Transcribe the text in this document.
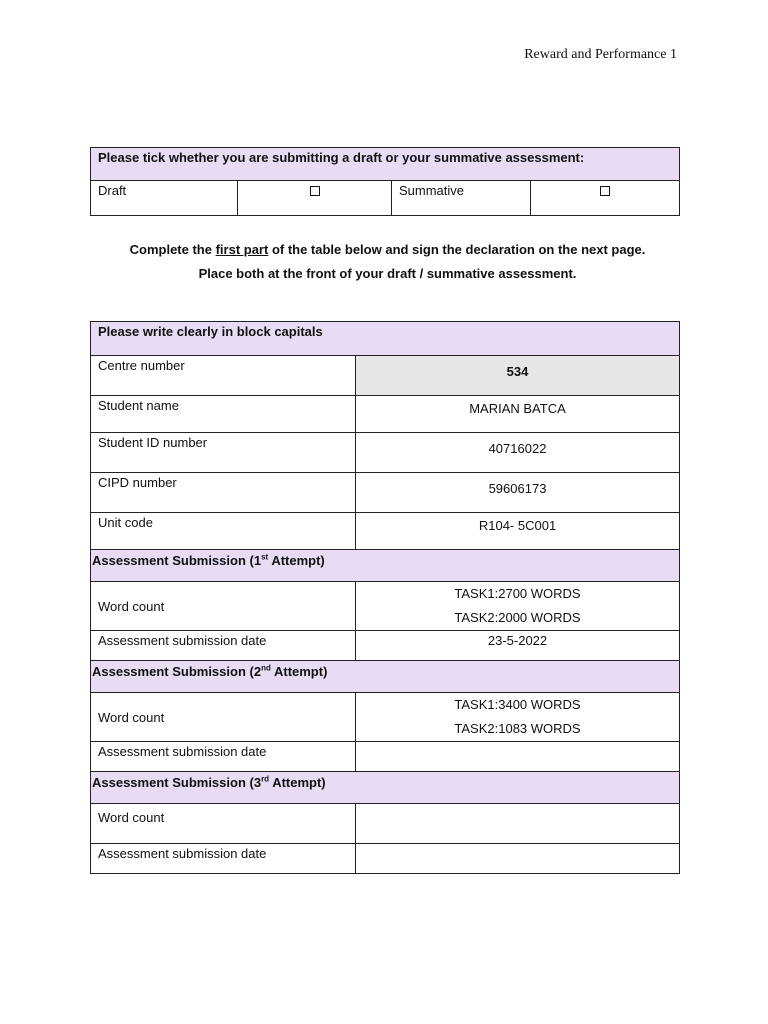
Reward and Performance 1
Please tick whether you are submitting a draft or your summative assessment:
Draft		Summative	
Complete the first part of the table below and sign the declaration on the next page.
Place both at the front of your draft / summative assessment.
Please write clearly in block capitals	
Centre number	534
Student name	MARIAN BATCA
Student ID number	40716022
CIPD number	59606173
Unit code	R104- 5C001
Assessment Submission (1st Attempt)	
Word count	TASK1:2700 WORDS
TASK2:2000 WORDS

Assessment submission date	23-5-2022
Assessment Submission (2nd Attempt)	
Word count	TASK1:3400 WORDS
TASK2:1083 WORDS

Assessment submission date	
Assessment Submission (3rd Attempt)	
Word count	
Assessment submission date	
